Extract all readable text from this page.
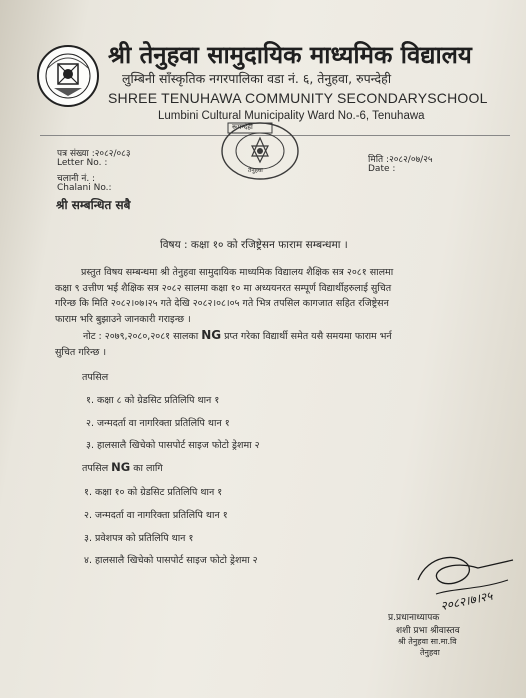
श्री तेनुहवा सामुदायिक माध्यमिक विद्यालय
लुम्बिनी साँस्कृतिक नगरपालिका वडा नं. ६, तेनुहवा, रुपन्देही
SHREE TENUHAWA COMMUNITY SECONDARYSCHOOL
Lumbini Cultural Municipality Ward No.-6, Tenuhawa
रूपन्देही
तेनुहवा
पत्र संख्या :२०८२/०८३
Letter No. :
चलानी नं. :
Chalani No.:
मिति :२०८२/०७/२५
Date :
श्री सम्बन्धित सबै
विषय : कक्षा १० को रजिष्ट्रेसन फाराम सम्बन्धमा ।
प्रस्तुत विषय सम्बन्धमा श्री तेनुहवा सामुदायिक माध्यमिक विद्यालय शैक्षिक सत्र २०८१ सालमा
कक्षा ९ उत्तीण भई शैक्षिक सत्र २०८२ सालमा कक्षा १० मा अध्ययनरत सम्पूर्ण विद्यार्थीहरुलाई सुचित
गरिन्छ कि मिति २०८२।०७।२५ गते देखि २०८२।०८।०५ गते भित्र तपसिल कागजात सहित रजिष्ट्रेसन
फाराम भरि बुझाउने जानकारी गराइन्छ ।
नोट : २०७९,२०८०,२०८१ सालका NG प्रप्त गरेका विद्यार्थी समेत यसै समयमा फाराम भर्न
सुचित गरिन्छ ।
तपसिल
१. कक्षा ८ को ग्रेडसिट प्रतिलिपि थान १
२. जन्मदर्ता वा नागरिक्ता प्रतिलिपि थान १
३. हालसालै खिचेको पासपोर्ट साइज फोटो ड्रेशमा २
तपसिल NG का लागि
१. कक्षा १० को ग्रेडसिट प्रतिलिपि थान १
२. जन्मदर्ता वा नागरिक्ता प्रतिलिपि थान १
३. प्रवेशपत्र को प्रतिलिपि थान १
४. हालसालै खिचेको पासपोर्ट साइज फोटो ड्रेशमा २
२०८२।७।२५
प्र.प्रधानाध्यापक
शशी प्रभा श्रीवास्तव
श्री तेनुहवा सा.मा.वि
तेनुहवा
